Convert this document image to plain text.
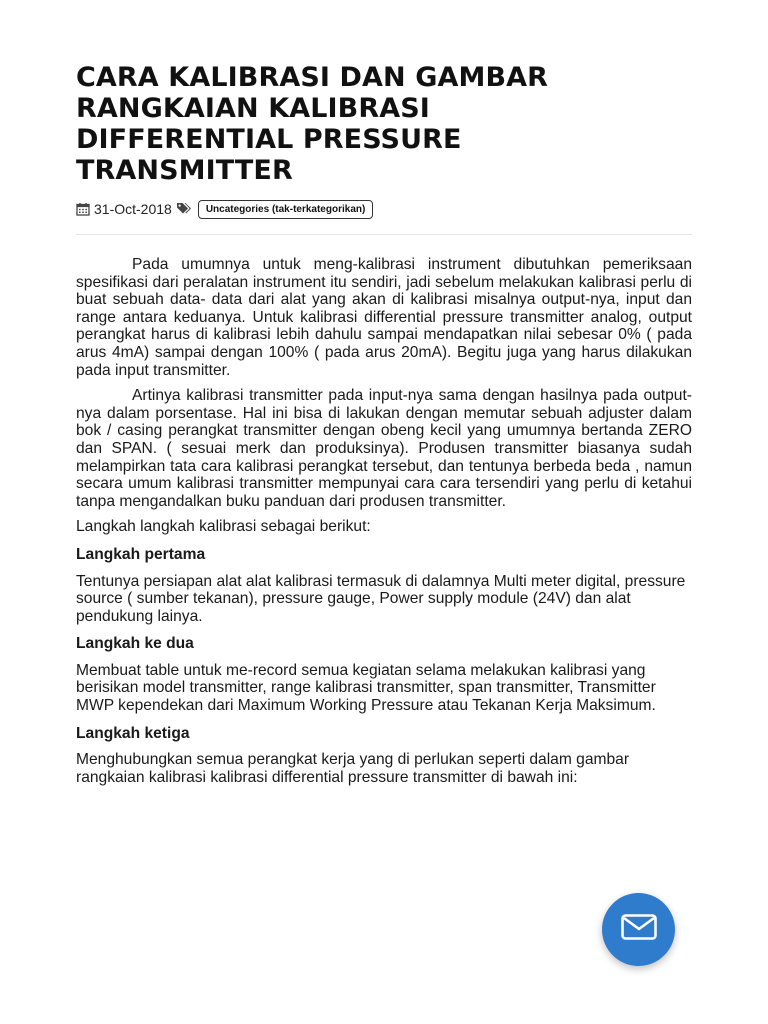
CARA KALIBRASI DAN GAMBAR
RANGKAIAN KALIBRASI
DIFFERENTIAL PRESSURE
TRANSMITTER
31-Oct-2018	Uncategories (tak-terkategorikan)

Pada umumnya untuk meng-kalibrasi instrument dibutuhkan pemeriksaan spesifikasi dari peralatan instrument itu sendiri, jadi sebelum melakukan kalibrasi perlu di buat sebuah data- data dari alat yang akan di kalibrasi misalnya output-nya, input dan range antara keduanya. Untuk kalibrasi differential pressure transmitter analog, output perangkat harus di kalibrasi lebih dahulu sampai mendapatkan nilai sebesar 0% ( pada arus 4mA) sampai dengan 100% ( pada arus 20mA). Begitu juga yang harus dilakukan pada input transmitter.

Artinya kalibrasi transmitter pada input-nya sama dengan hasilnya pada output-nya dalam porsentase. Hal ini bisa di lakukan dengan memutar sebuah adjuster dalam bok / casing perangkat transmitter dengan obeng kecil yang umumnya bertanda ZERO dan SPAN. ( sesuai merk dan produksinya). Produsen transmitter biasanya sudah melampirkan tata cara kalibrasi perangkat tersebut, dan tentunya berbeda beda , namun secara umum kalibrasi transmitter mempunyai cara cara tersendiri yang perlu di ketahui tanpa mengandalkan buku panduan dari produsen transmitter.

Langkah langkah kalibrasi sebagai berikut:

Langkah pertama

Tentunya persiapan alat alat kalibrasi termasuk di dalamnya Multi meter digital, pressure source ( sumber tekanan), pressure gauge, Power supply module (24V) dan alat pendukung lainya.

Langkah ke dua

Membuat table untuk me-record semua kegiatan selama melakukan kalibrasi yang berisikan model transmitter, range kalibrasi transmitter, span transmitter, Transmitter MWP kependekan dari Maximum Working Pressure atau Tekanan Kerja Maksimum.

Langkah ketiga

Menghubungkan semua perangkat kerja yang di perlukan seperti dalam gambar rangkaian kalibrasi kalibrasi differential pressure transmitter di bawah ini:
